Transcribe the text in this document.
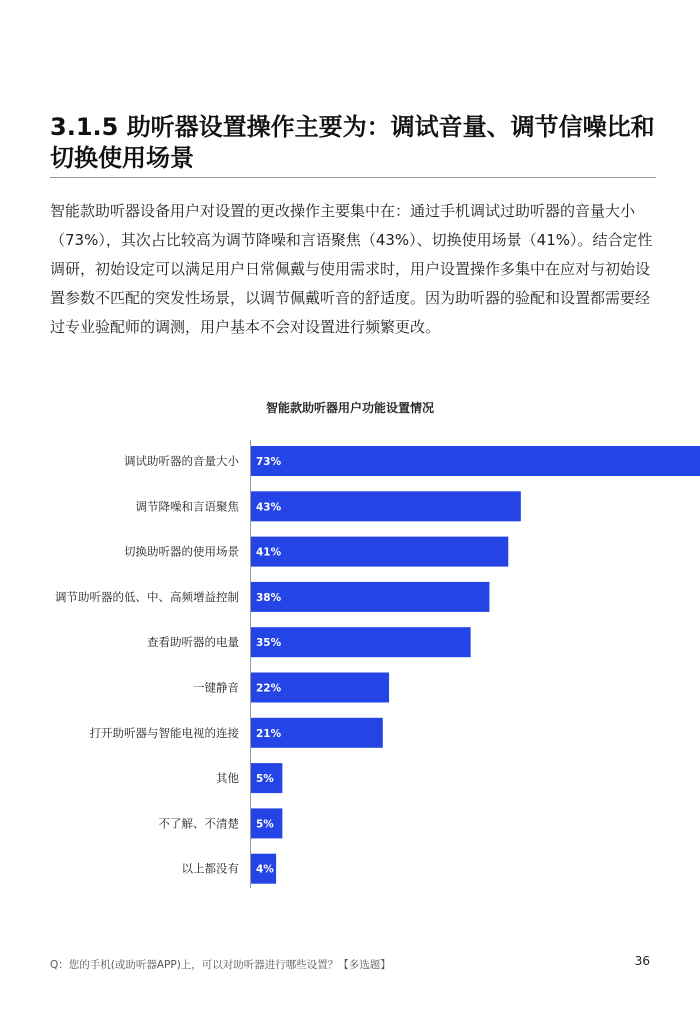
3.1.5 助听器设置操作主要为：调试音量、调节信噪比和切换使用场景

智能款助听器设备用户对设置的更改操作主要集中在：通过手机调试过助听器的音量大小（73%），其次占比较高为调节降噪和言语聚焦（43%）、切换使用场景（41%）。结合定性调研，初始设定可以满足用户日常佩戴与使用需求时，用户设置操作多集中在应对与初始设置参数不匹配的突发性场景，以调节佩戴听音的舒适度。因为助听器的验配和设置都需要经过专业验配师的调测，用户基本不会对设置进行频繁更改。

智能款助听器用户功能设置情况
调试助听器的音量大小 73%
调节降噪和言语聚焦 43%
切换助听器的使用场景 41%
调节助听器的低、中、高频增益控制 38%
查看助听器的电量 35%
一键静音 22%
打开助听器与智能电视的连接 21%
其他 5%
不了解、不清楚 5%
以上都没有 4%
Q：您的手机(或助听器APP)上，可以对助听器进行哪些设置？【多选题】	36
